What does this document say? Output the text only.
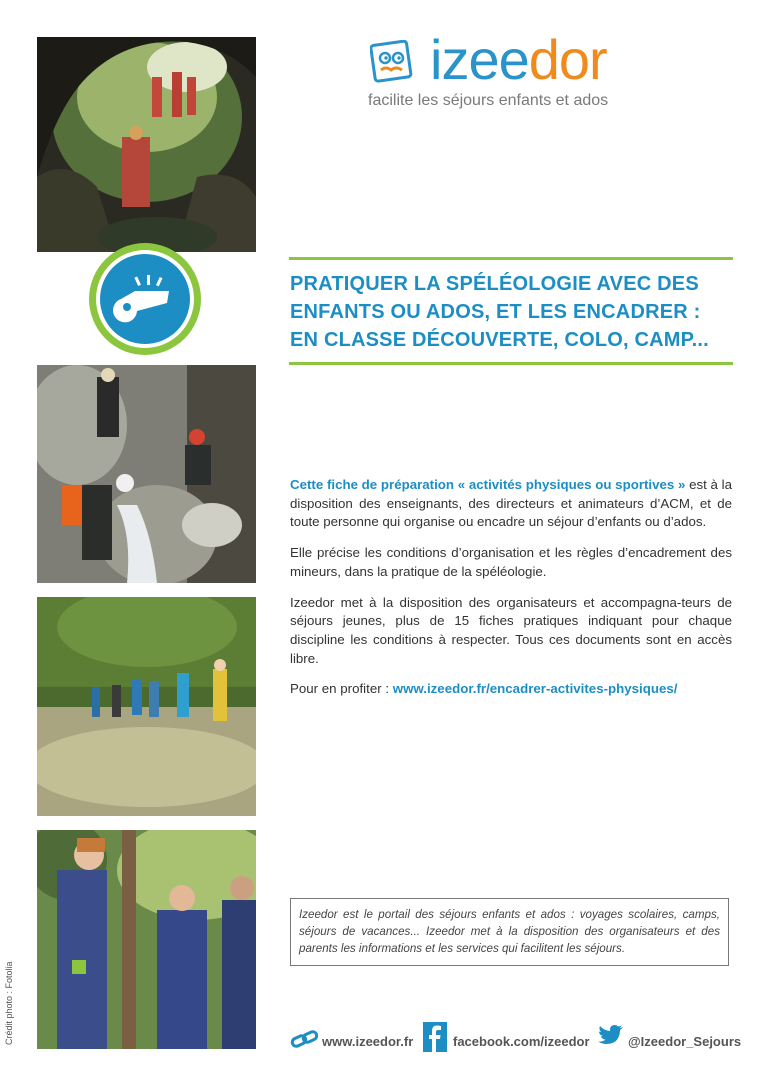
Crédit photo : Fotolia
izeedor
facilite les séjours enfants et ados
PRATIQUER LA SPÉLÉOLOGIE AVEC DES
ENFANTS OU ADOS, ET LES ENCADRER :
EN CLASSE DÉCOUVERTE, COLO, CAMP...

Cette fiche de préparation « activités physiques ou sportives » est à la disposition des enseignants, des directeurs et animateurs d’ACM, et de toute personne qui organise ou encadre un séjour d’enfants ou d’ados.

Elle précise les conditions d’organisation et les règles d’encadrement des mineurs, dans la pratique de la spéléologie.

Izeedor met à la disposition des organisateurs et accompagna-teurs de séjours jeunes, plus de 15 fiches pratiques indiquant pour chaque discipline les conditions à respecter. Tous ces documents sont en accès libre.

Pour en profiter : www.izeedor.fr/encadrer-activites-physiques/

Izeedor est le portail des séjours enfants et ados : voyages scolaires, camps, séjours de vacances... Izeedor met à la disposition des organisateurs et des parents les informations et les services qui facilitent les séjours.

www.izeedor.fr	facebook.com/izeedor	@Izeedor_Sejours
